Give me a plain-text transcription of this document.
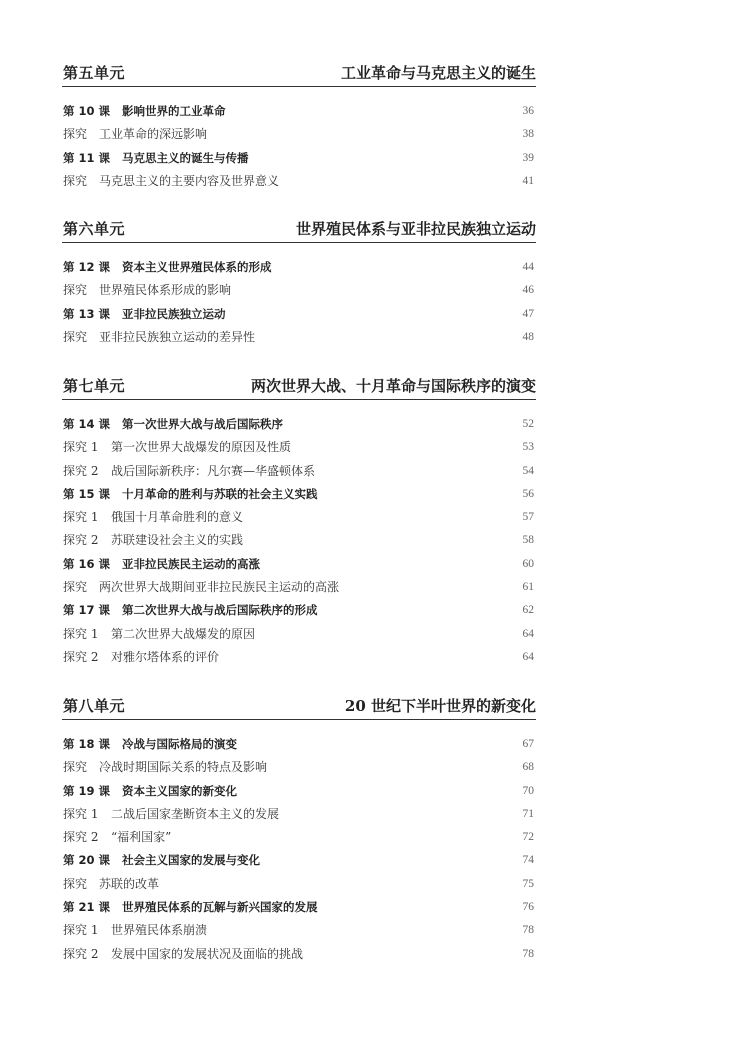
第五单元	工业革命与马克思主义的诞生
第 10 课	影响世界的工业革命	36
探究 工业革命的深远影响	38
第 11 课	马克思主义的诞生与传播	39
探究 马克思主义的主要内容及世界意义	41
第六单元	世界殖民体系与亚非拉民族独立运动
第 12 课	资本主义世界殖民体系的形成	44
探究 世界殖民体系形成的影响	46
第 13 课	亚非拉民族独立运动	47
探究 亚非拉民族独立运动的差异性	48
第七单元	两次世界大战、十月革命与国际秩序的演变
第 14 课	第一次世界大战与战后国际秩序	52
探究 1 第一次世界大战爆发的原因及性质	53
探究 2 战后国际新秩序：凡尔赛—华盛顿体系	54
第 15 课	十月革命的胜利与苏联的社会主义实践	56
探究 1 俄国十月革命胜利的意义	57
探究 2 苏联建设社会主义的实践	58
第 16 课	亚非拉民族民主运动的高涨	60
探究 两次世界大战期间亚非拉民族民主运动的高涨	61
第 17 课	第二次世界大战与战后国际秩序的形成	62
探究 1 第二次世界大战爆发的原因	64
探究 2 对雅尔塔体系的评价	64
第八单元	20 世纪下半叶世界的新变化
第 18 课	冷战与国际格局的演变	67
探究 冷战时期国际关系的特点及影响	68
第 19 课	资本主义国家的新变化	70
探究 1 二战后国家垄断资本主义的发展	71
探究 2 “福利国家”	72
第 20 课	社会主义国家的发展与变化	74
探究 苏联的改革	75
第 21 课	世界殖民体系的瓦解与新兴国家的发展	76
探究 1 世界殖民体系崩溃	78
探究 2 发展中国家的发展状况及面临的挑战	78
